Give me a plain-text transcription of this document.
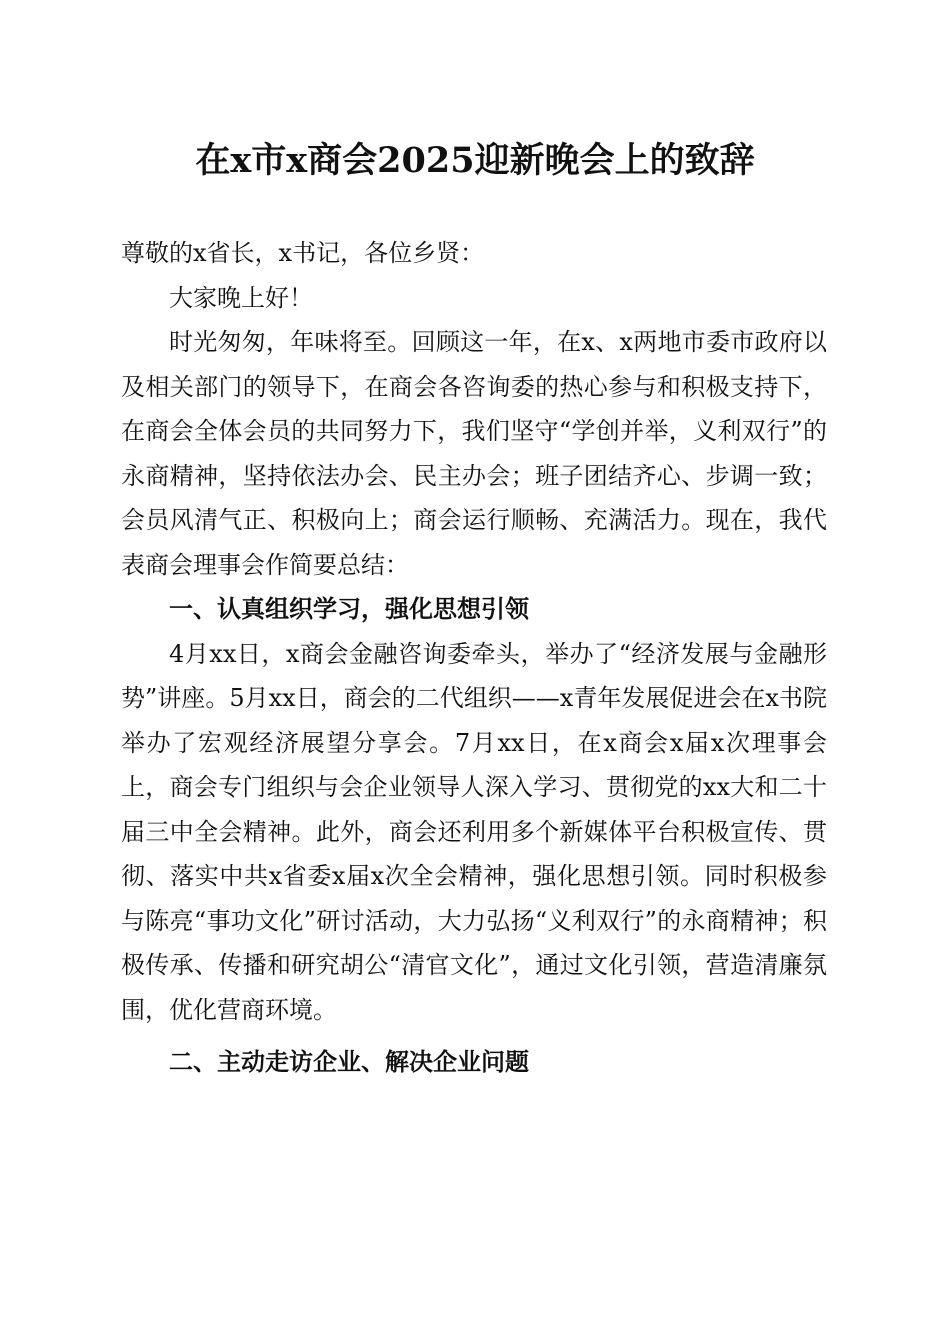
在x市x商会2025迎新晚会上的致辞

尊敬的x省长，x书记，各位乡贤：

大家晚上好！

时光匆匆，年味将至。回顾这一年，在x、x两地市委市政府以及相关部门的领导下，在商会各咨询委的热心参与和积极支持下，在商会全体会员的共同努力下，我们坚守“学创并举，义利双行”的永商精神，坚持依法办会、民主办会；班子团结齐心、步调一致；会员风清气正、积极向上；商会运行顺畅、充满活力。现在，我代表商会理事会作简要总结：

一、认真组织学习，强化思想引领

4月xx日，x商会金融咨询委牵头，举办了“经济发展与金融形势”讲座。5月xx日，商会的二代组织——x青年发展促进会在x书院举办了宏观经济展望分享会。7月xx日，在x商会x届x次理事会上，商会专门组织与会企业领导人深入学习、贯彻党的xx大和二十届三中全会精神。此外，商会还利用多个新媒体平台积极宣传、贯彻、落实中共x省委x届x次全会精神，强化思想引领。同时积极参与陈亮“事功文化”研讨活动，大力弘扬“义利双行”的永商精神；积极传承、传播和研究胡公“清官文化”，通过文化引领，营造清廉氛围，优化营商环境。

二、主动走访企业、解决企业问题
